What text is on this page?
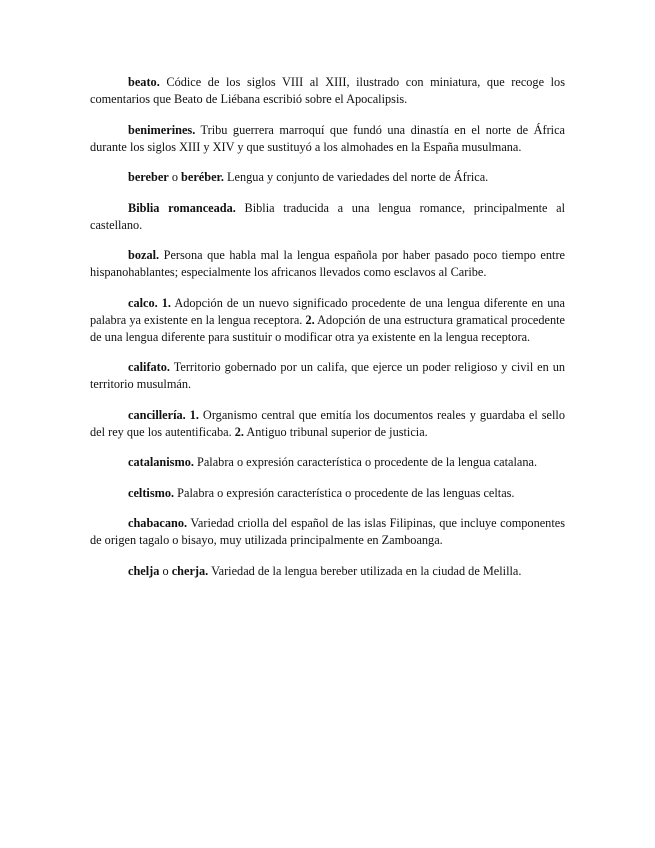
beato. Códice de los siglos VIII al XIII, ilustrado con miniatura, que recoge los comentarios que Beato de Liébana escribió sobre el Apocalipsis.

benimerines. Tribu guerrera marroquí que fundó una dinastía en el norte de África durante los siglos XIII y XIV y que sustituyó a los almohades en la España musulmana.

bereber o beréber. Lengua y conjunto de variedades del norte de África.

Biblia romanceada. Biblia traducida a una lengua romance, principalmente al castellano.

bozal. Persona que habla mal la lengua española por haber pasado poco tiempo entre hispanohablantes; especialmente los africanos llevados como esclavos al Caribe.

calco. 1. Adopción de un nuevo significado procedente de una lengua diferente en una palabra ya existente en la lengua receptora. 2. Adopción de una estructura gramatical procedente de una lengua diferente para sustituir o modificar otra ya existente en la lengua receptora.

califato. Territorio gobernado por un califa, que ejerce un poder religioso y civil en un territorio musulmán.

cancillería. 1. Organismo central que emitía los documentos reales y guardaba el sello del rey que los autentificaba. 2. Antiguo tribunal superior de justicia.

catalanismo. Palabra o expresión característica o procedente de la lengua catalana.

celtismo. Palabra o expresión característica o procedente de las lenguas celtas.

chabacano. Variedad criolla del español de las islas Filipinas, que incluye componentes de origen tagalo o bisayo, muy utilizada principalmente en Zamboanga.

chelja o cherja. Variedad de la lengua bereber utilizada en la ciudad de Melilla.
